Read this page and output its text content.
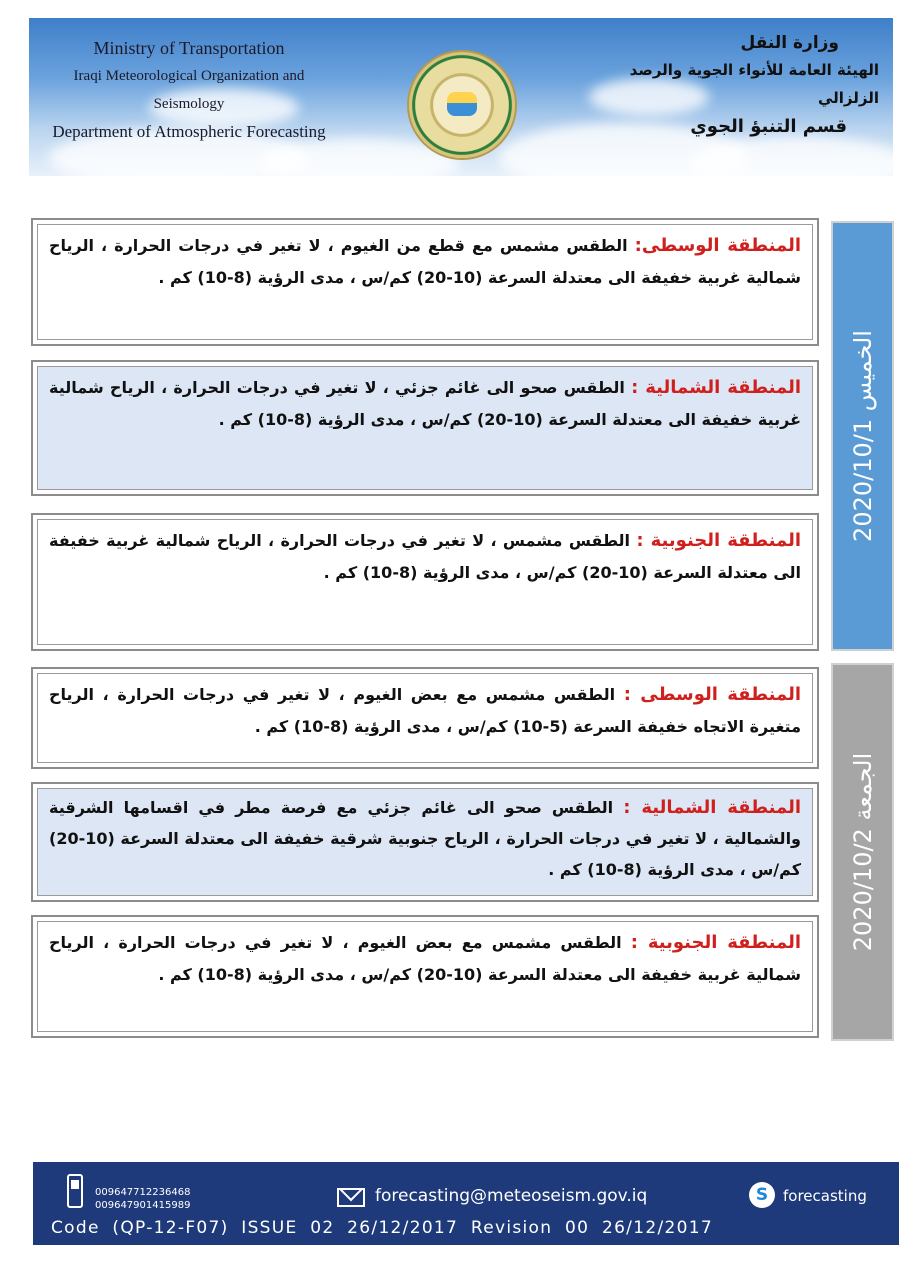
Ministry of Transportation
Iraqi Meteorological Organization and Seismology
Department of Atmospheric Forecasting
وزارة النقل
الهيئة العامة للأنواء الجوية والرصد الزلزالي
قسم التنبؤ الجوي

المنطقة الوسطى: الطقس مشمس مع قطع من الغيوم ، لا تغير في درجات الحرارة ، الرياح شمالية غربية خفيفة الى معتدلة السرعة (10-20) كم/س ، مدى الرؤية (8-10) كم .

المنطقة الشمالية : الطقس صحو الى غائم جزئي ، لا تغير في درجات الحرارة ، الرياح شمالية غربية خفيفة الى معتدلة السرعة (10-20) كم/س ، مدى الرؤية (8-10) كم .

المنطقة الجنوبية : الطقس مشمس ، لا تغير في درجات الحرارة ، الرياح شمالية غربية خفيفة الى معتدلة السرعة (10-20) كم/س ، مدى الرؤية (8-10) كم .

الخميس 2020/10/1

المنطقة الوسطى : الطقس مشمس مع بعض الغيوم ، لا تغير في درجات الحرارة ، الرياح متغيرة الاتجاه خفيفة السرعة (5-10) كم/س ، مدى الرؤية (8-10) كم .

المنطقة الشمالية : الطقس صحو الى غائم جزئي مع فرصة مطر في اقسامها الشرقية والشمالية ، لا تغير في درجات الحرارة ، الرياح جنوبية شرقية خفيفة الى معتدلة السرعة (10-20) كم/س ، مدى الرؤية (8-10) كم .

المنطقة الجنوبية : الطقس مشمس مع بعض الغيوم ، لا تغير في درجات الحرارة ، الرياح شمالية غربية خفيفة الى معتدلة السرعة (10-20) كم/س ، مدى الرؤية (8-10) كم .

الجمعة 2020/10/2
009647712236468
009647901415989	forecasting@meteoseism.gov.iq	S forecasting
Code (QP-12-F07) ISSUE 02 26/12/2017 Revision 00 26/12/2017
